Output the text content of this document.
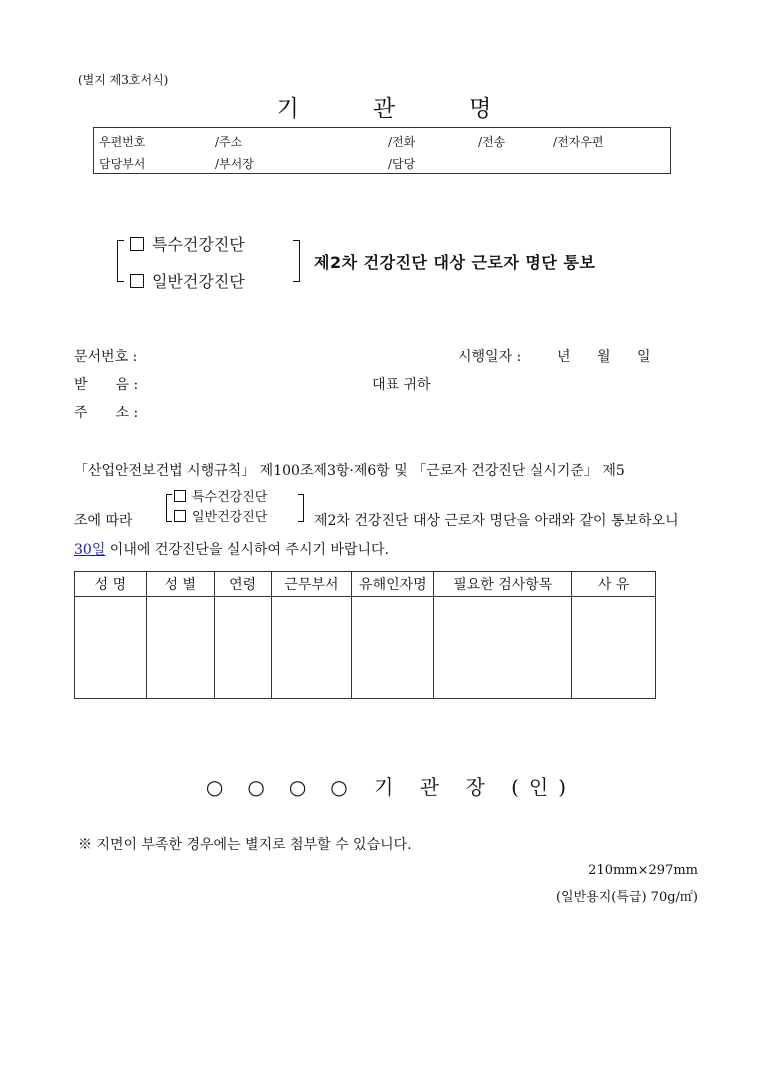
(별지 제3호서식)
기	관	명
우편번호	/주소	/전화	/전송	/전자우편
담당부서	/부서장	/담당
특수건강진단
일반건강진단
제2차 건강진단 대상 근로자 명단 통보
문서번호 :	시행일자 :	년 월 일
받　　음 :	대표 귀하
주　　소 :
「산업안전보건법 시행규칙」 제100조제3항·제6항 및 「근로자 건강진단 실시기준」 제5
조에 따라
특수건강진단
일반건강진단	제2차 건강진단 대상 근로자 명단을 아래와 같이 통보하오니
30일 이내에 건강진단을 실시하여 주시기 바랍니다.
성 명	성 별	연령	근무부서	유해인자명	필요한 검사항목	사 유

○ ○ ○ ○ 기 관 장 (인)
※ 지면이 부족한 경우에는 별지로 첨부할 수 있습니다.
210mm×297mm
(일반용지(특급) 70g/㎡)
